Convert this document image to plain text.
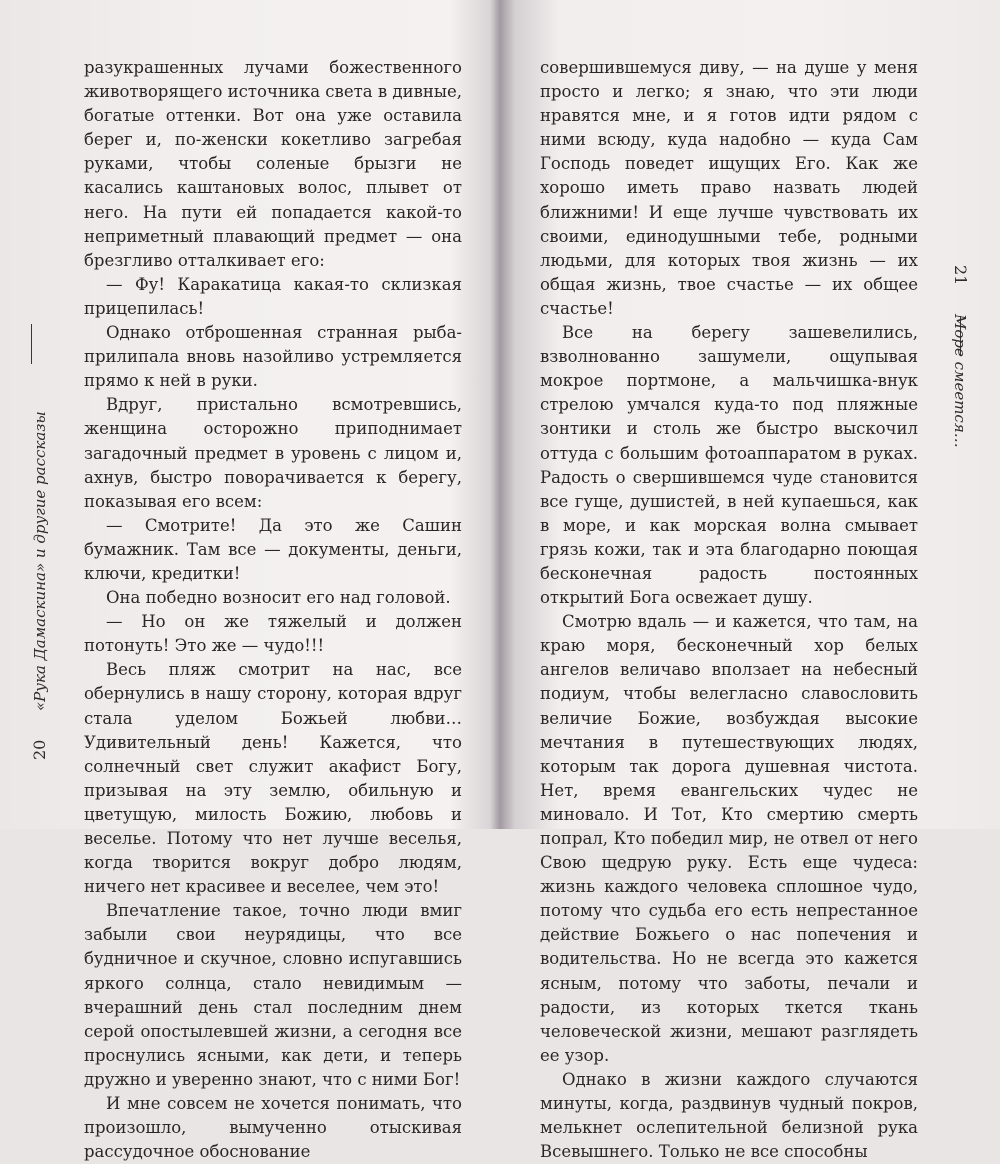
20      «Рука Дамаскина» и другие рассказы

разукрашенных лучами божественного животворящего источника света в дивные, богатые оттенки. Вот она уже оставила берег и, по-женски кокетливо загребая руками, чтобы соленые брызги не касались каштановых волос, плывет от него. На пути ей попадается какой-то неприметный плавающий предмет — она брезгливо отталкивает его:

— Фу! Каракатица какая-то склизкая прицепилась!

Однако отброшенная странная рыба-прилипала вновь назойливо устремляется прямо к ней в руки.

Вдруг, пристально всмотревшись, женщина осторожно приподнимает загадочный предмет в уровень с лицом и, ахнув, быстро поворачивается к берегу, показывая его всем:

— Смотрите! Да это же Сашин бумажник. Там все — документы, деньги, ключи, кредитки!

Она победно возносит его над головой.

— Но он же тяжелый и должен потонуть! Это же — чудо!!!

Весь пляж смотрит на нас, все обернулись в нашу сторону, которая вдруг стала уделом Божьей любви… Удивительный день! Кажется, что солнечный свет служит акафист Богу, призывая на эту землю, обильную и цветущую, милость Божию, любовь и веселье. Потому что нет лучше веселья, когда творится вокруг добро людям, ничего нет красивее и веселее, чем это!

Впечатление такое, точно люди вмиг забыли свои неурядицы, что все будничное и скучное, словно испугавшись яркого солнца, стало невидимым — вчерашний день стал последним днем серой опостылевшей жизни, а сегодня все проснулись ясными, как дети, и теперь дружно и уверенно знают, что с ними Бог!

И мне совсем не хочется понимать, что произошло, вымученно отыскивая рассудочное обоснование

совершившемуся диву, — на душе у меня просто и легко; я знаю, что эти люди нравятся мне, и я готов идти рядом с ними всюду, куда надобно — куда Сам Господь поведет ищущих Его. Как же хорошо иметь право назвать людей ближними! И еще лучше чувствовать их своими, единодушными тебе, родными людьми, для которых твоя жизнь — их общая жизнь, твое счастье — их общее счастье!

Все на берегу зашевелились, взволнованно зашумели, ощупывая мокрое портмоне, а мальчишка-внук стрелою умчался куда-то под пляжные зонтики и столь же быстро выскочил оттуда с большим фотоаппаратом в руках. Радость о свершившемся чуде становится все гуще, душистей, в ней купаешься, как в море, и как морская волна смывает грязь кожи, так и эта благодарно поющая бесконечная радость постоянных открытий Бога освежает душу.

Смотрю вдаль — и кажется, что там, на краю моря, бесконечный хор белых ангелов величаво вползает на небесный подиум, чтобы велегласно славословить величие Божие, возбуждая высокие мечтания в путешествующих людях, которым так дорога душевная чистота. Нет, время евангельских чудес не миновало. И Тот, Кто смертию смерть попрал, Кто победил мир, не отвел от него Свою щедрую руку. Есть еще чудеса: жизнь каждого человека сплошное чудо, потому что судьба его есть непрестанное действие Божьего о нас попечения и водительства. Но не всегда это кажется ясным, потому что заботы, печали и радости, из которых ткется ткань человеческой жизни, мешают разглядеть ее узор.

Однако в жизни каждого случаются минуты, когда, раздвинув чудный покров, мелькнет ослепительной белизной рука Всевышнего. Только не все способны

21      Море смеется…
